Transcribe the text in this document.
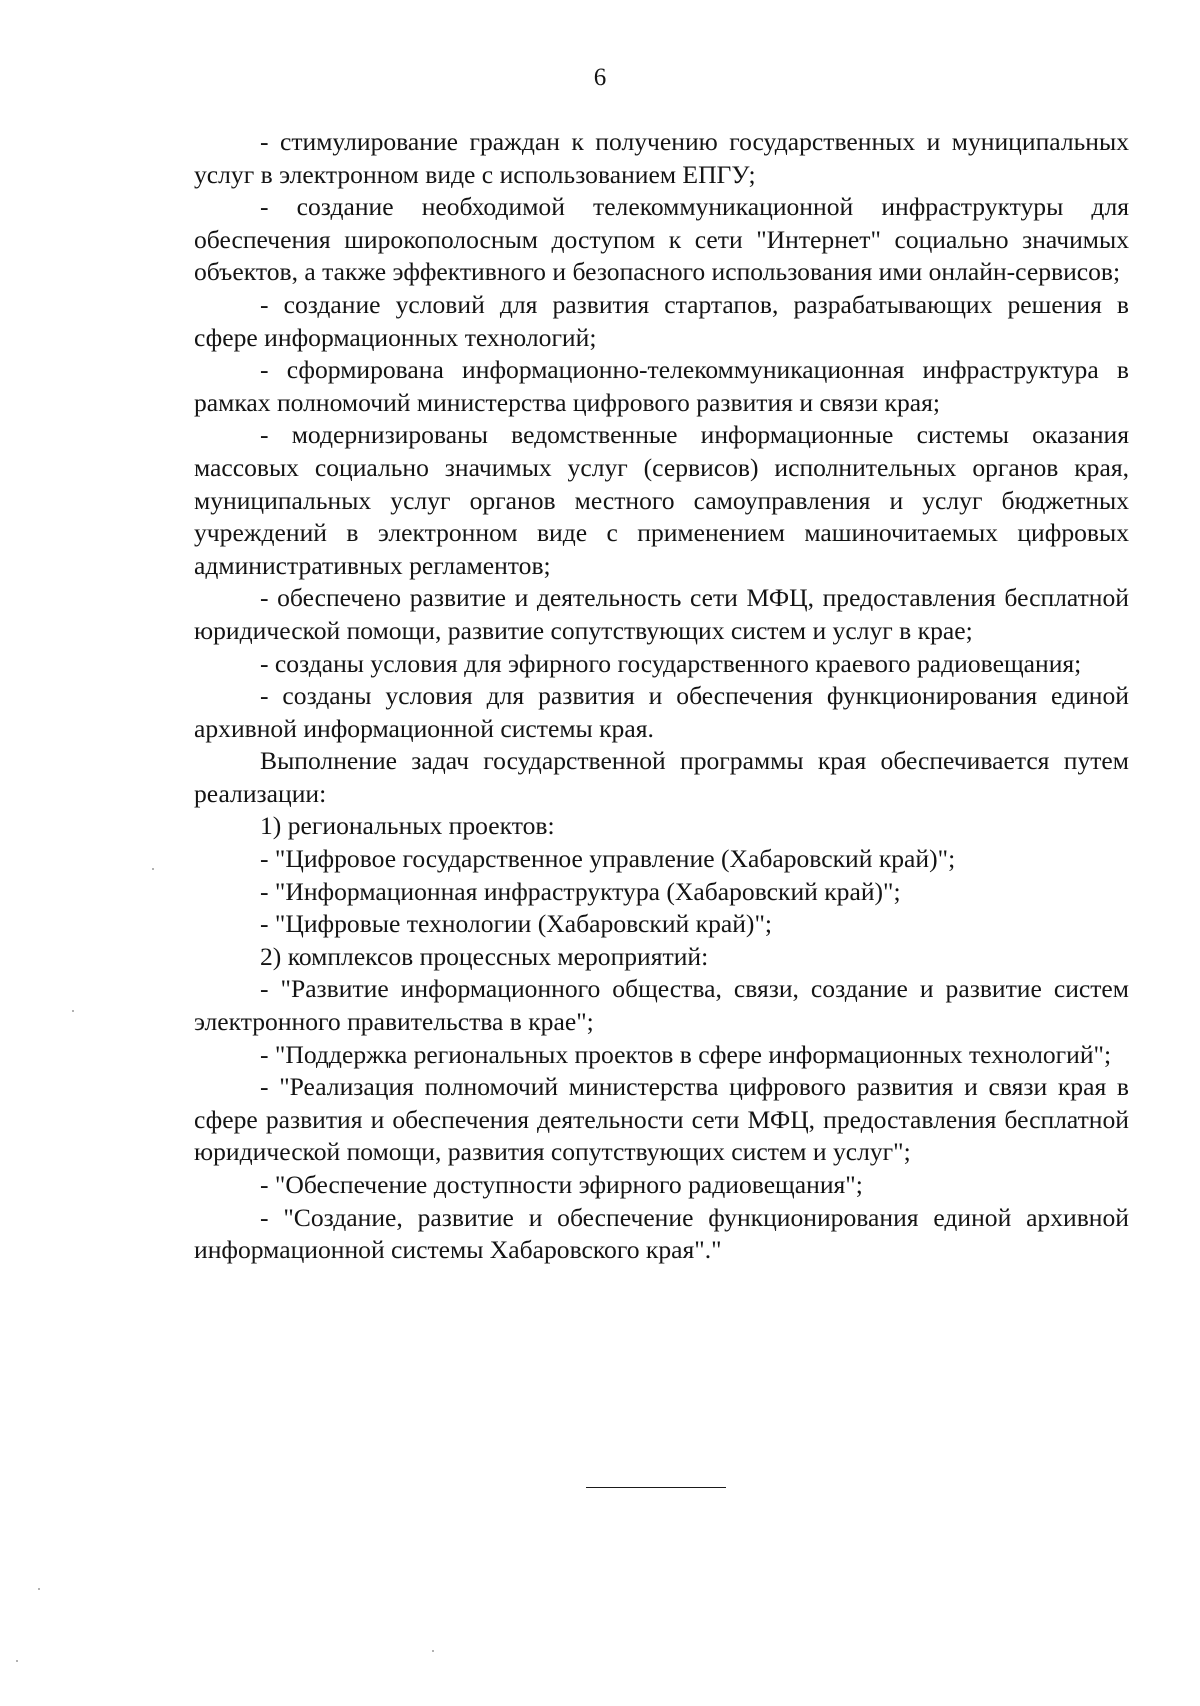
6

- стимулирование граждан к получению государственных и муниципальных услуг в электронном виде с использованием ЕПГУ;

- создание необходимой телекоммуникационной инфраструктуры для обеспечения широкополосным доступом к сети "Интернет" социально значимых объектов, а также эффективного и безопасного использования ими онлайн-сервисов;

- создание условий для развития стартапов, разрабатывающих решения в сфере информационных технологий;

- сформирована информационно-телекоммуникационная инфраструктура в рамках полномочий министерства цифрового развития и связи края;

- модернизированы ведомственные информационные системы оказания массовых социально значимых услуг (сервисов) исполнительных органов края, муниципальных услуг органов местного самоуправления и услуг бюджетных учреждений в электронном виде с применением машиночитаемых цифровых административных регламентов;

- обеспечено развитие и деятельность сети МФЦ, предоставления бесплатной юридической помощи, развитие сопутствующих систем и услуг в крае;

- созданы условия для эфирного государственного краевого радиовещания;

- созданы условия для развития и обеспечения функционирования единой архивной информационной системы края.

Выполнение задач государственной программы края обеспечивается путем реализации:

1) региональных проектов:

- "Цифровое государственное управление (Хабаровский край)";

- "Информационная инфраструктура (Хабаровский край)";

- "Цифровые технологии (Хабаровский край)";

2) комплексов процессных мероприятий:

- "Развитие информационного общества, связи, создание и развитие систем электронного правительства в крае";

- "Поддержка региональных проектов в сфере информационных технологий";

- "Реализация полномочий министерства цифрового развития и связи края в сфере развития и обеспечения деятельности сети МФЦ, предоставления бесплатной юридической помощи, развития сопутствующих систем и услуг";

- "Обеспечение доступности эфирного радиовещания";

- "Создание, развитие и обеспечение функционирования единой архивной информационной системы Хабаровского края"."
